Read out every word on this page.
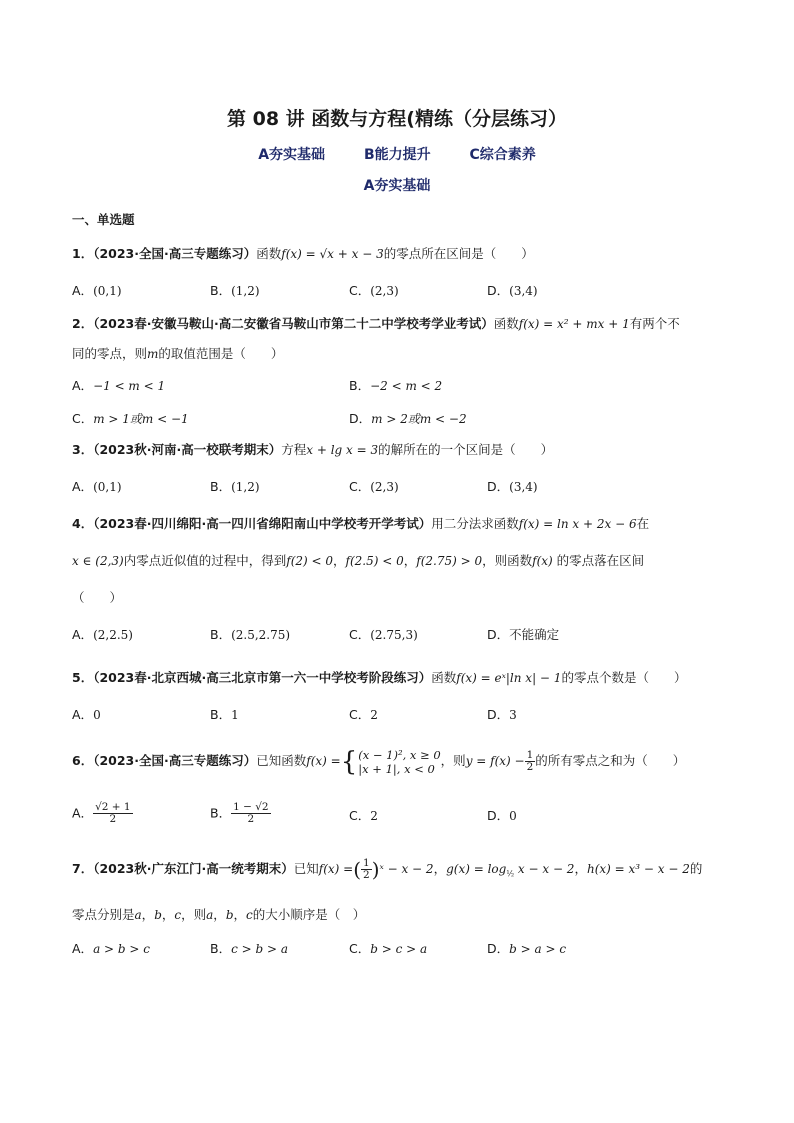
第 08 讲 函数与方程(精练（分层练习）
A夯实基础	B能力提升	C综合素养
A夯实基础
一、单选题
1．（2023·全国·高三专题练习）函数f(x) = √x + x − 3的零点所在区间是（　　）
A．(0,1)	B．(1,2)	C．(2,3)	D．(3,4)
2．（2023春·安徽马鞍山·高二安徽省马鞍山市第二十二中学校考学业考试）函数f(x) = x² + mx + 1有两个不
同的零点，则m的取值范围是（　　）
A．−1 < m < 1	B．−2 < m < 2
C．m > 1或m < −1	D．m > 2或m < −2
3．（2023秋·河南·高一校联考期末）方程x + lg x = 3的解所在的一个区间是（　　）
A．(0,1)	B．(1,2)	C．(2,3)	D．(3,4)
4．（2023春·四川绵阳·高一四川省绵阳南山中学校考开学考试）用二分法求函数f(x) = ln x + 2x − 6在
x ∈ (2,3)内零点近似值的过程中，得到f(2) < 0，f(2.5) < 0，f(2.75) > 0，则函数f(x) 的零点落在区间
（　　）
A．(2,2.5)	B．(2.5,2.75)	C．(2.75,3)	D．不能确定
5．（2023春·北京西城·高三北京市第一六一中学校考阶段练习）函数f(x) = eˣ|ln x| − 1的零点个数是（　　）
A．0	B．1	C．2	D．3
6．（2023·全国·高三专题练习）已知函数f(x) ={ (x − 1)², x ≥ 0
|x + 1|, x < 0
，则$y = f(x) - \frac{1}{2}$ 的所有零点之和为（　　）
A． $\frac{√2 + 1}{2}$	B． $\frac{1 - √2}{2}$	C．2	D．0
7．（2023秋·广东江门·高一统考期末）已知f(x) =( $\frac{1}{2}$ )ˣ − x − 2，$g(x) = \log_{\frac{1}{2}} x - x - 2$，h(x) = x³ − x − 2的
零点分别是a，b，c，则a，b，c的大小顺序是（　）
A．a > b > c	B．c > b > a	C．b > c > a	D．b > a > c
